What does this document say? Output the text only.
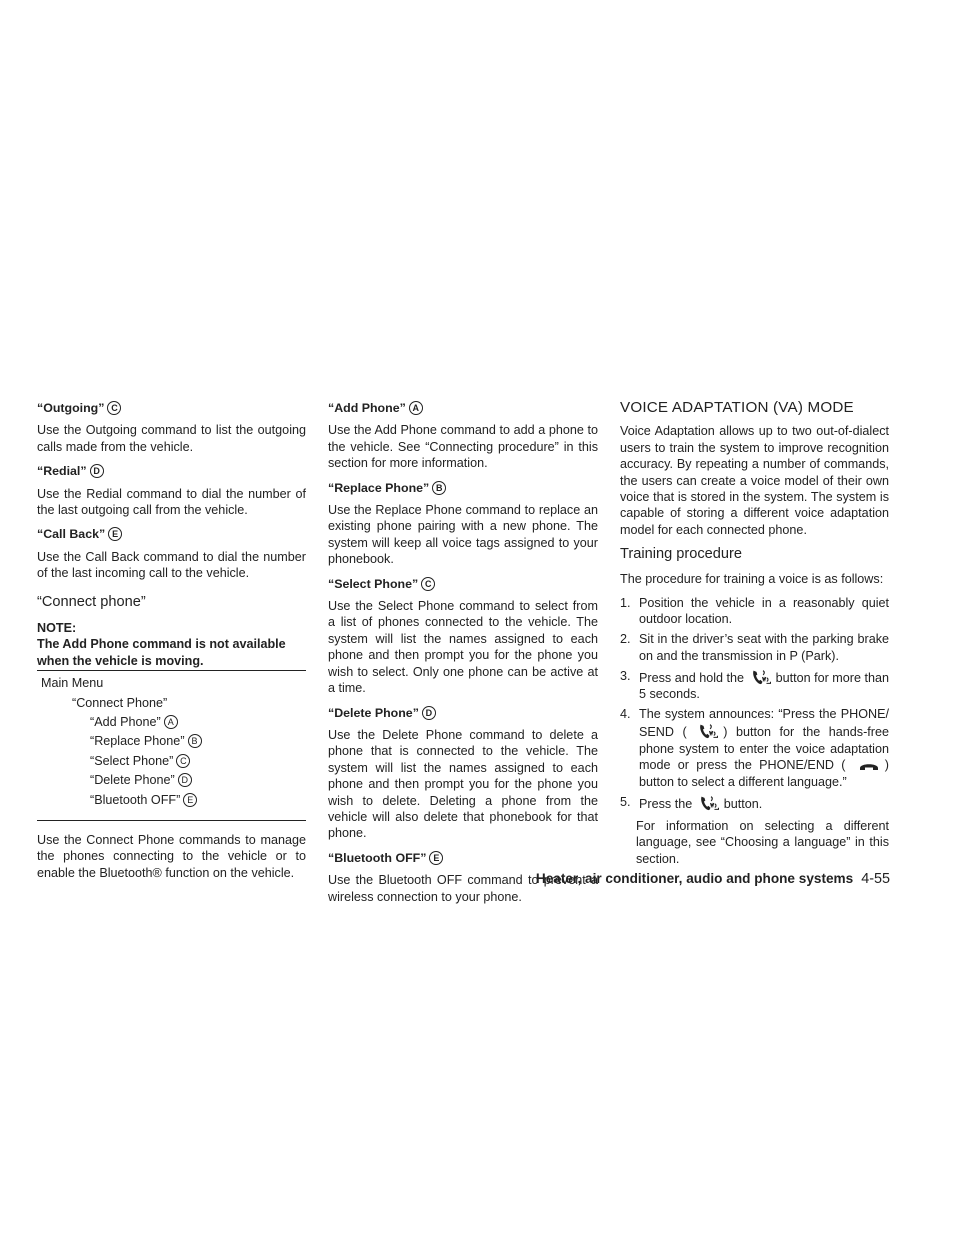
“Outgoing” C
Use the Outgoing command to list the outgoing calls made from the vehicle.
“Redial” D
Use the Redial command to dial the number of the last outgoing call from the vehicle.
“Call Back” E
Use the Call Back command to dial the number of the last incoming call to the vehicle.
“Connect phone”
NOTE:
The Add Phone command is not available when the vehicle is moving.
Main Menu
“Connect Phone”
“Add Phone” A
“Replace Phone” B
“Select Phone” C
“Delete Phone” D
“Bluetooth OFF” E
Use the Connect Phone commands to manage the phones connecting to the vehicle or to enable the Bluetooth® function on the vehicle.
“Add Phone” A
Use the Add Phone command to add a phone to the vehicle. See “Connecting procedure” in this section for more information.
“Replace Phone” B
Use the Replace Phone command to replace an existing phone pairing with a new phone. The system will keep all voice tags assigned to your phonebook.
“Select Phone” C
Use the Select Phone command to select from a list of phones connected to the vehicle. The system will list the names assigned to each phone and then prompt you for the phone you wish to select. Only one phone can be active at a time.
“Delete Phone” D
Use the Delete Phone command to delete a phone that is connected to the vehicle. The system will list the names assigned to each phone and then prompt you for the phone you wish to delete. Deleting a phone from the vehicle will also delete that phonebook for that phone.
“Bluetooth OFF” E
Use the Bluetooth OFF command to prevent a wireless connection to your phone.
VOICE ADAPTATION (VA) MODE
Voice Adaptation allows up to two out-of-dialect users to train the system to improve recognition accuracy. By repeating a number of commands, the users can create a voice model of their own voice that is stored in the system. The system is capable of storing a different voice adaptation model for each connected phone.
Training procedure
The procedure for training a voice is as follows:
1. Position the vehicle in a reasonably quiet outdoor location.
2. Sit in the driver’s seat with the parking brake on and the transmission in P (Park).
3. Press and hold the	button for more than 5 seconds.
4. The system announces: “Press the PHONE/ SEND (	) button for the hands-free phone system to enter the voice adaptation mode or press the PHONE/END (	) button to select a different language.”
5. Press the	button.
For information on selecting a different language, see “Choosing a language” in this section.
Heater, air conditioner, audio and phone systems 4-55
